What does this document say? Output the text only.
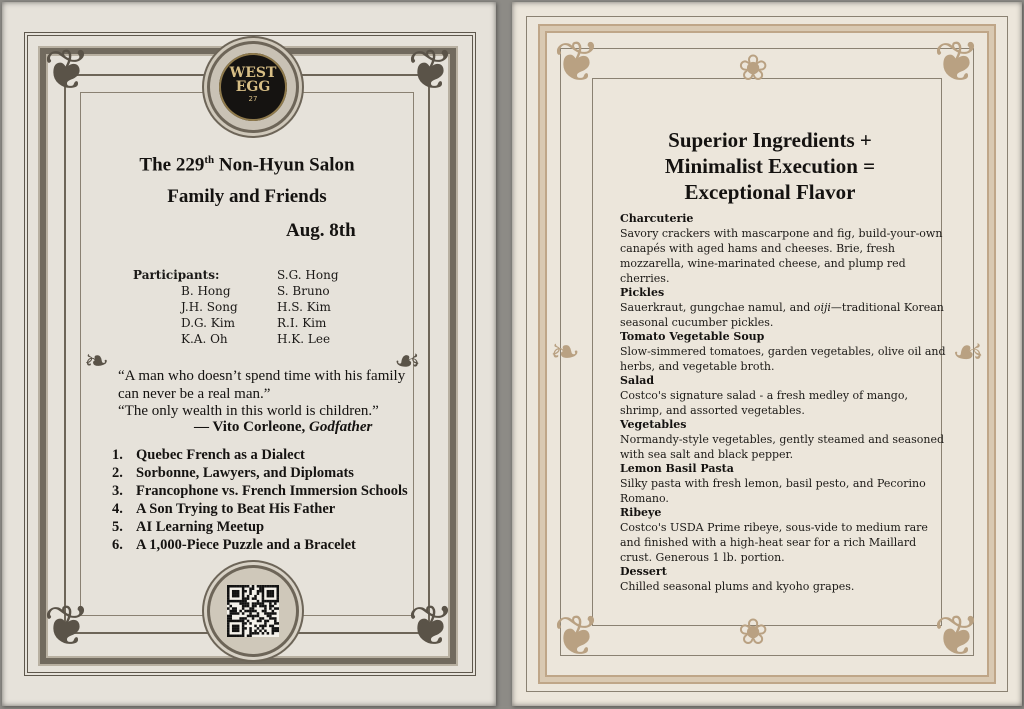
❦	❦
❦	❦
❧	☙
WEST
EGG
27
The 229th Non-Hyun Salon
Family and Friends
Aug. 8th
Participants:	S.G. Hong
B. Hong	S. Bruno
J.H. Song	H.S. Kim
D.G. Kim	R.I. Kim
K.A. Oh	H.K. Lee
“A man who doesn’t spend time with his family
can never be a real man.”
“The only wealth in this world is children.”
— Vito Corleone, Godfather
1. Quebec French as a Dialect
2. Sorbonne, Lawyers, and Diplomats
3. Francophone vs. French Immersion Schools
4. A Son Trying to Beat His Father
5. AI Learning Meetup
6. A 1,000-Piece Puzzle and a Bracelet
❦	❦
❦	❦
❀
❀
❧	☙
Superior Ingredients +
Minimalist Execution =
Exceptional Flavor
Charcuterie
Savory crackers with mascarpone and fig, build-your-own canapés with aged hams and cheeses. Brie, fresh mozzarella, wine-marinated cheese, and plump red cherries.
Pickles
Sauerkraut, gungchae namul, and oiji—traditional Korean seasonal cucumber pickles.
Tomato Vegetable Soup
Slow-simmered tomatoes, garden vegetables, olive oil and herbs, and vegetable broth.
Salad
Costco's signature salad - a fresh medley of mango, shrimp, and assorted vegetables.
Vegetables
Normandy-style vegetables, gently steamed and seasoned with sea salt and black pepper.
Lemon Basil Pasta
Silky pasta with fresh lemon, basil pesto, and Pecorino Romano.
Ribeye
Costco's USDA Prime ribeye, sous-vide to medium rare and finished with a high-heat sear for a rich Maillard crust. Generous 1 lb. portion.
Dessert
Chilled seasonal plums and kyoho grapes.
